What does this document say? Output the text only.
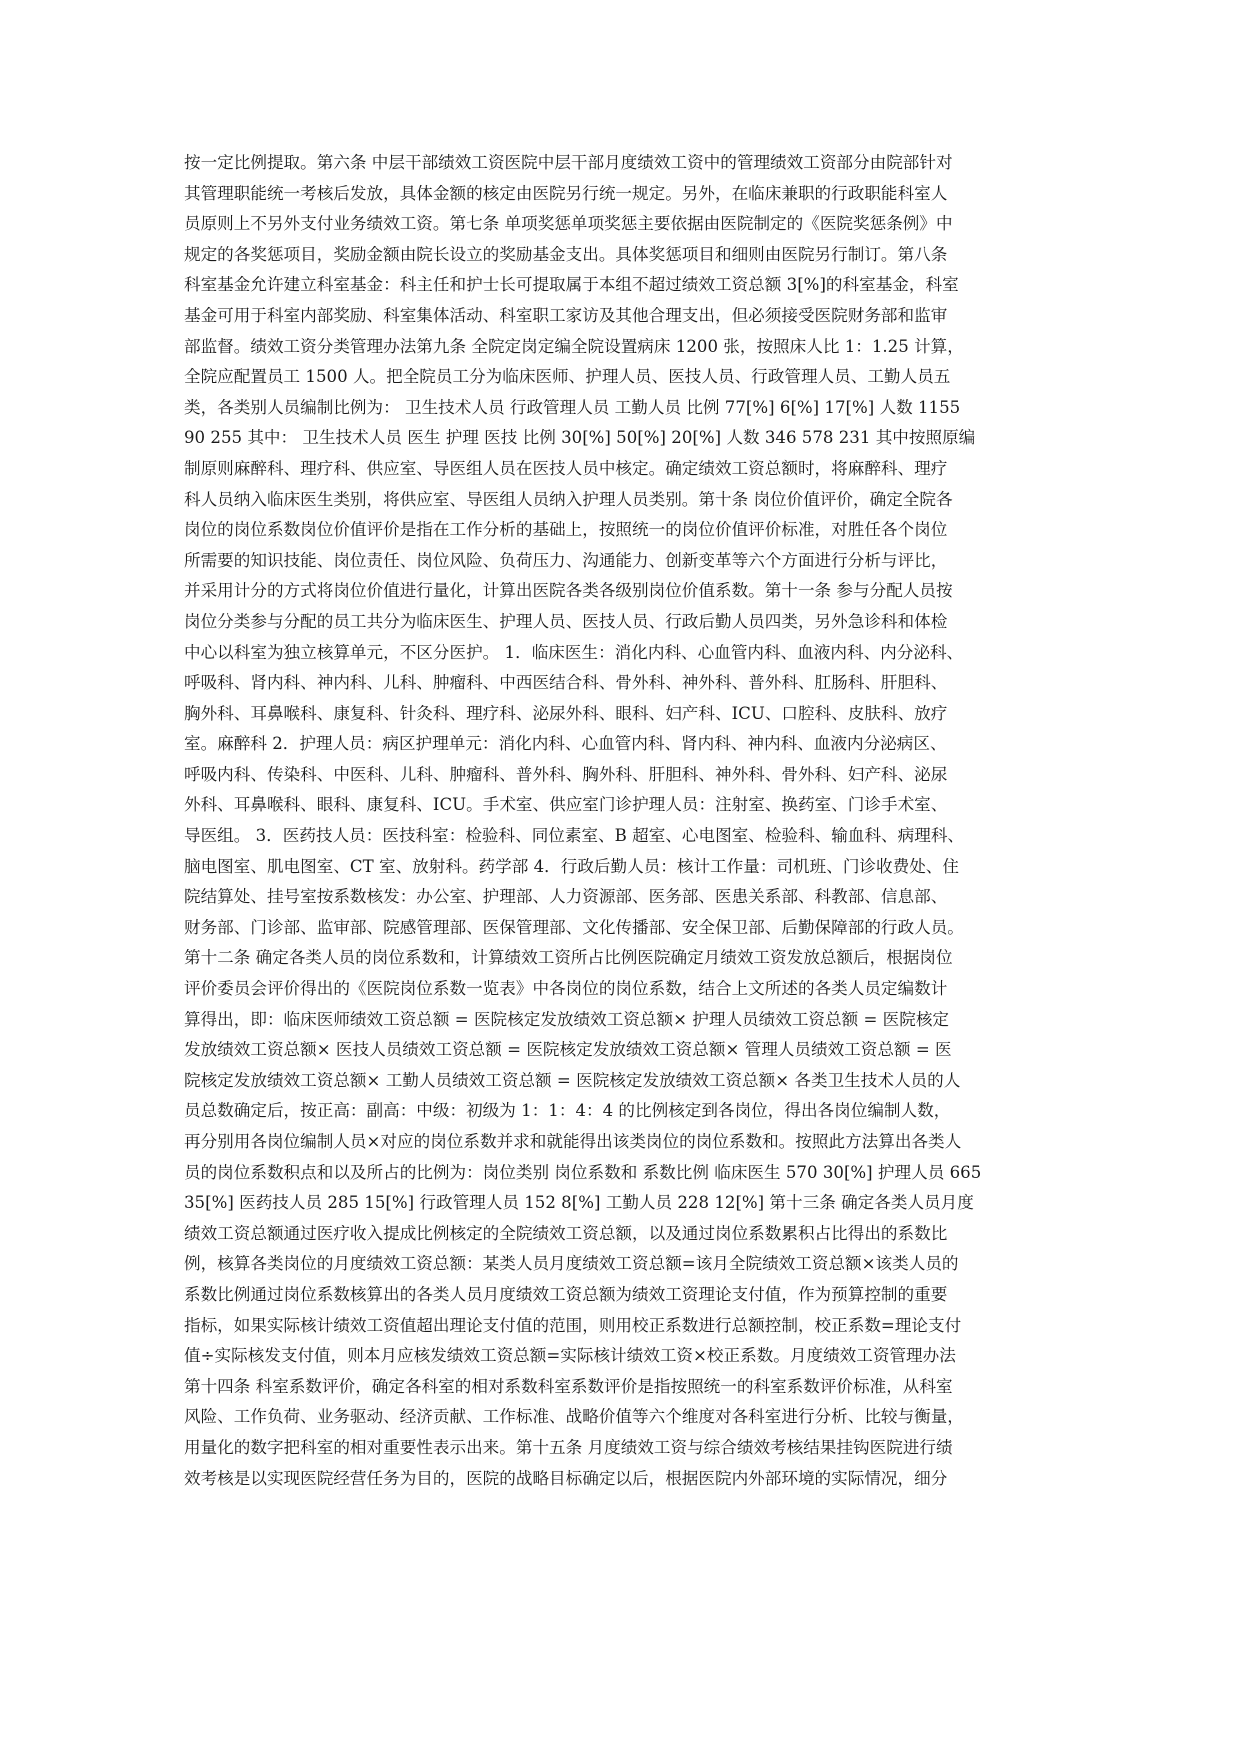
按一定比例提取。第六条 中层干部绩效工资医院中层干部月度绩效工资中的管理绩效工资部分由院部针对
其管理职能统一考核后发放，具体金额的核定由医院另行统一规定。另外，在临床兼职的行政职能科室人
员原则上不另外支付业务绩效工资。第七条 单项奖惩单项奖惩主要依据由医院制定的《医院奖惩条例》中
规定的各奖惩项目，奖励金额由院长设立的奖励基金支出。具体奖惩项目和细则由医院另行制订。第八条
科室基金允许建立科室基金：科主任和护士长可提取属于本组不超过绩效工资总额 3[%]的科室基金，科室
基金可用于科室内部奖励、科室集体活动、科室职工家访及其他合理支出，但必须接受医院财务部和监审
部监督。绩效工资分类管理办法第九条 全院定岗定编全院设置病床 1200 张，按照床人比 1：1.25 计算，
全院应配置员工 1500 人。把全院员工分为临床医师、护理人员、医技人员、行政管理人员、工勤人员五
类，各类别人员编制比例为： 卫生技术人员 行政管理人员 工勤人员 比例 77[%] 6[%] 17[%] 人数 1155
90 255 其中： 卫生技术人员 医生 护理 医技 比例 30[%] 50[%] 20[%] 人数 346 578 231 其中按照原编
制原则麻醉科、理疗科、供应室、导医组人员在医技人员中核定。确定绩效工资总额时，将麻醉科、理疗
科人员纳入临床医生类别，将供应室、导医组人员纳入护理人员类别。第十条 岗位价值评价，确定全院各
岗位的岗位系数岗位价值评价是指在工作分析的基础上，按照统一的岗位价值评价标准，对胜任各个岗位
所需要的知识技能、岗位责任、岗位风险、负荷压力、沟通能力、创新变革等六个方面进行分析与评比，
并采用计分的方式将岗位价值进行量化，计算出医院各类各级别岗位价值系数。第十一条 参与分配人员按
岗位分类参与分配的员工共分为临床医生、护理人员、医技人员、行政后勤人员四类，另外急诊科和体检
中心以科室为独立核算单元，不区分医护。 1．临床医生：消化内科、心血管内科、血液内科、内分泌科、
呼吸科、肾内科、神内科、儿科、肿瘤科、中西医结合科、骨外科、神外科、普外科、肛肠科、肝胆科、
胸外科、耳鼻喉科、康复科、针灸科、理疗科、泌尿外科、眼科、妇产科、ICU、口腔科、皮肤科、放疗
室。麻醉科 2．护理人员：病区护理单元：消化内科、心血管内科、肾内科、神内科、血液内分泌病区、
呼吸内科、传染科、中医科、儿科、肿瘤科、普外科、胸外科、肝胆科、神外科、骨外科、妇产科、泌尿
外科、耳鼻喉科、眼科、康复科、ICU。手术室、供应室门诊护理人员：注射室、换药室、门诊手术室、
导医组。 3．医药技人员：医技科室：检验科、同位素室、B 超室、心电图室、检验科、输血科、病理科、
脑电图室、肌电图室、CT 室、放射科。药学部 4．行政后勤人员：核计工作量：司机班、门诊收费处、住
院结算处、挂号室按系数核发：办公室、护理部、人力资源部、医务部、医患关系部、科教部、信息部、
财务部、门诊部、监审部、院感管理部、医保管理部、文化传播部、安全保卫部、后勤保障部的行政人员。
第十二条 确定各类人员的岗位系数和，计算绩效工资所占比例医院确定月绩效工资发放总额后，根据岗位
评价委员会评价得出的《医院岗位系数一览表》中各岗位的岗位系数，结合上文所述的各类人员定编数计
算得出，即：临床医师绩效工资总额 = 医院核定发放绩效工资总额× 护理人员绩效工资总额 = 医院核定
发放绩效工资总额× 医技人员绩效工资总额 = 医院核定发放绩效工资总额× 管理人员绩效工资总额 = 医
院核定发放绩效工资总额× 工勤人员绩效工资总额 = 医院核定发放绩效工资总额× 各类卫生技术人员的人
员总数确定后，按正高：副高：中级：初级为 1：1：4：4 的比例核定到各岗位，得出各岗位编制人数，
再分别用各岗位编制人员×对应的岗位系数并求和就能得出该类岗位的岗位系数和。按照此方法算出各类人
员的岗位系数积点和以及所占的比例为：岗位类别 岗位系数和 系数比例 临床医生 570 30[%] 护理人员 665
35[%] 医药技人员 285 15[%] 行政管理人员 152 8[%] 工勤人员 228 12[%] 第十三条 确定各类人员月度
绩效工资总额通过医疗收入提成比例核定的全院绩效工资总额，以及通过岗位系数累积占比得出的系数比
例，核算各类岗位的月度绩效工资总额：某类人员月度绩效工资总额=该月全院绩效工资总额×该类人员的
系数比例通过岗位系数核算出的各类人员月度绩效工资总额为绩效工资理论支付值，作为预算控制的重要
指标，如果实际核计绩效工资值超出理论支付值的范围，则用校正系数进行总额控制，校正系数=理论支付
值÷实际核发支付值，则本月应核发绩效工资总额=实际核计绩效工资×校正系数。月度绩效工资管理办法
第十四条 科室系数评价，确定各科室的相对系数科室系数评价是指按照统一的科室系数评价标准，从科室
风险、工作负荷、业务驱动、经济贡献、工作标准、战略价值等六个维度对各科室进行分析、比较与衡量，
用量化的数字把科室的相对重要性表示出来。第十五条 月度绩效工资与综合绩效考核结果挂钩医院进行绩
效考核是以实现医院经营任务为目的，医院的战略目标确定以后，根据医院内外部环境的实际情况，细分
